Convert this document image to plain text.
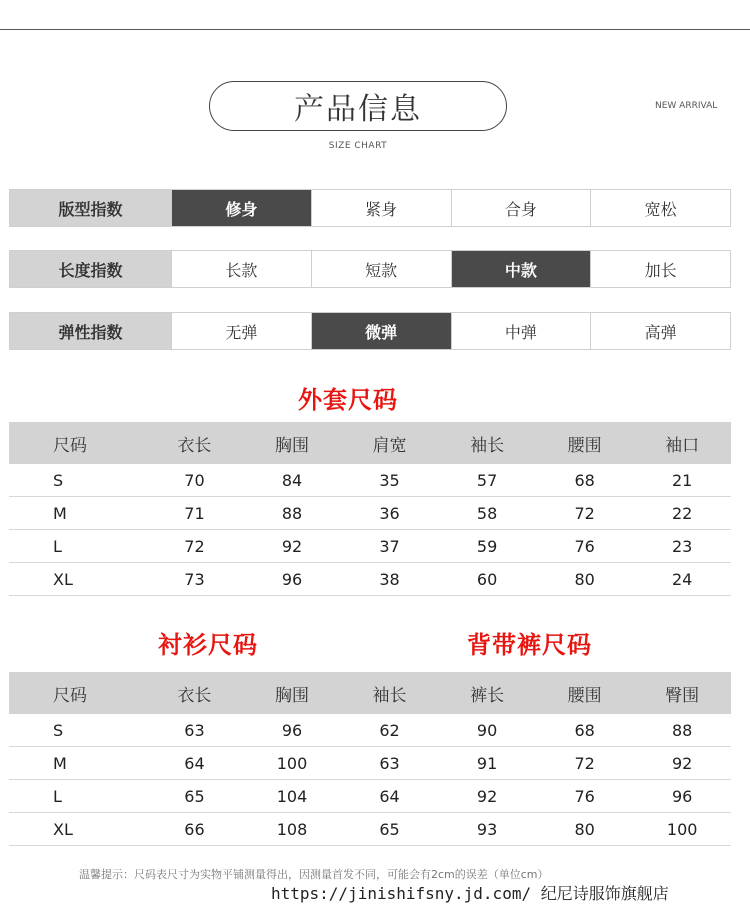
产品信息
SIZE CHART
NEW ARRIVAL
版型指数	修身	紧身	合身	宽松
长度指数	长款	短款	中款	加长
弹性指数	无弹	微弹	中弹	高弹
外套尺码
尺码	衣长	胸围	肩宽	袖长	腰围	袖口
S	70	84	35	57	68	21
M	71	88	36	58	72	22
L	72	92	37	59	76	23
XL	73	96	38	60	80	24
衬衫尺码	背带裤尺码
尺码	衣长	胸围	袖长	裤长	腰围	臀围
S	63	96	62	90	68	88
M	64	100	63	91	72	92
L	65	104	64	92	76	96
XL	66	108	65	93	80	100
温馨提示：尺码表尺寸为实物平铺测量得出，因测量首发不同，可能会有2cm的误差（单位cm）
https://jinishifsny.jd.com/ 纪尼诗服饰旗舰店
